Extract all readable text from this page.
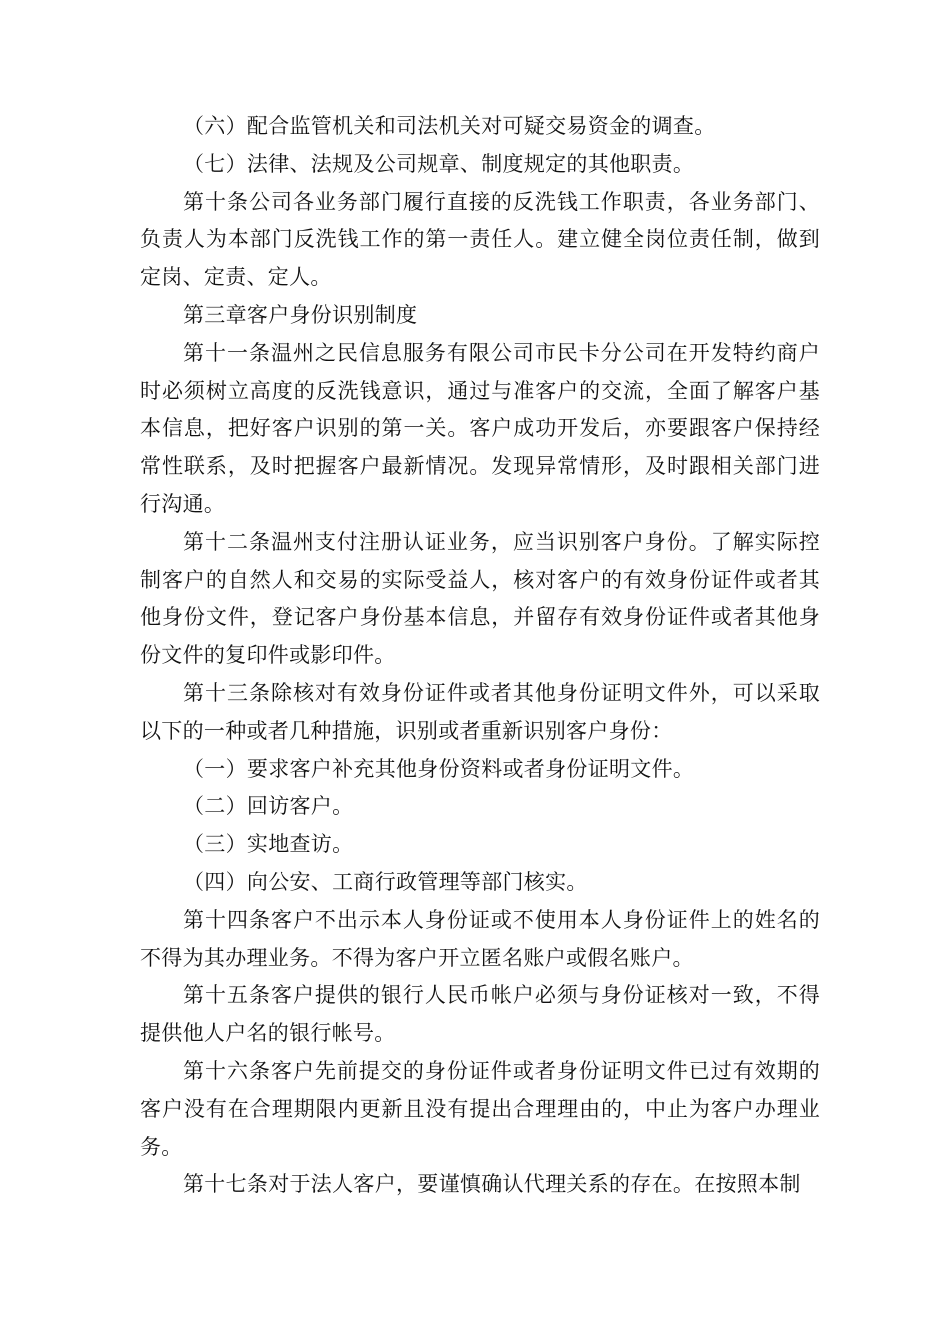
（六）配合监管机关和司法机关对可疑交易资金的调查。

（七）法律、法规及公司规章、制度规定的其他职责。

第十条公司各业务部门履行直接的反洗钱工作职责，各业务部门、负责人为本部门反洗钱工作的第一责任人。建立健全岗位责任制，做到定岗、定责、定人。

第三章客户身份识别制度

第十一条温州之民信息服务有限公司市民卡分公司在开发特约商户时必须树立高度的反洗钱意识，通过与准客户的交流，全面了解客户基本信息，把好客户识别的第一关。客户成功开发后，亦要跟客户保持经常性联系，及时把握客户最新情况。发现异常情形，及时跟相关部门进行沟通。

第十二条温州支付注册认证业务，应当识别客户身份。了解实际控制客户的自然人和交易的实际受益人，核对客户的有效身份证件或者其他身份文件，登记客户身份基本信息，并留存有效身份证件或者其他身份文件的复印件或影印件。

第十三条除核对有效身份证件或者其他身份证明文件外，可以采取以下的一种或者几种措施，识别或者重新识别客户身份：

（一）要求客户补充其他身份资料或者身份证明文件。

（二）回访客户。

（三）实地查访。

（四）向公安、工商行政管理等部门核实。

第十四条客户不出示本人身份证或不使用本人身份证件上的姓名的不得为其办理业务。不得为客户开立匿名账户或假名账户。

第十五条客户提供的银行人民币帐户必须与身份证核对一致，不得提供他人户名的银行帐号。

第十六条客户先前提交的身份证件或者身份证明文件已过有效期的客户没有在合理期限内更新且没有提出合理理由的，中止为客户办理业务。

第十七条对于法人客户，要谨慎确认代理关系的存在。在按照本制
